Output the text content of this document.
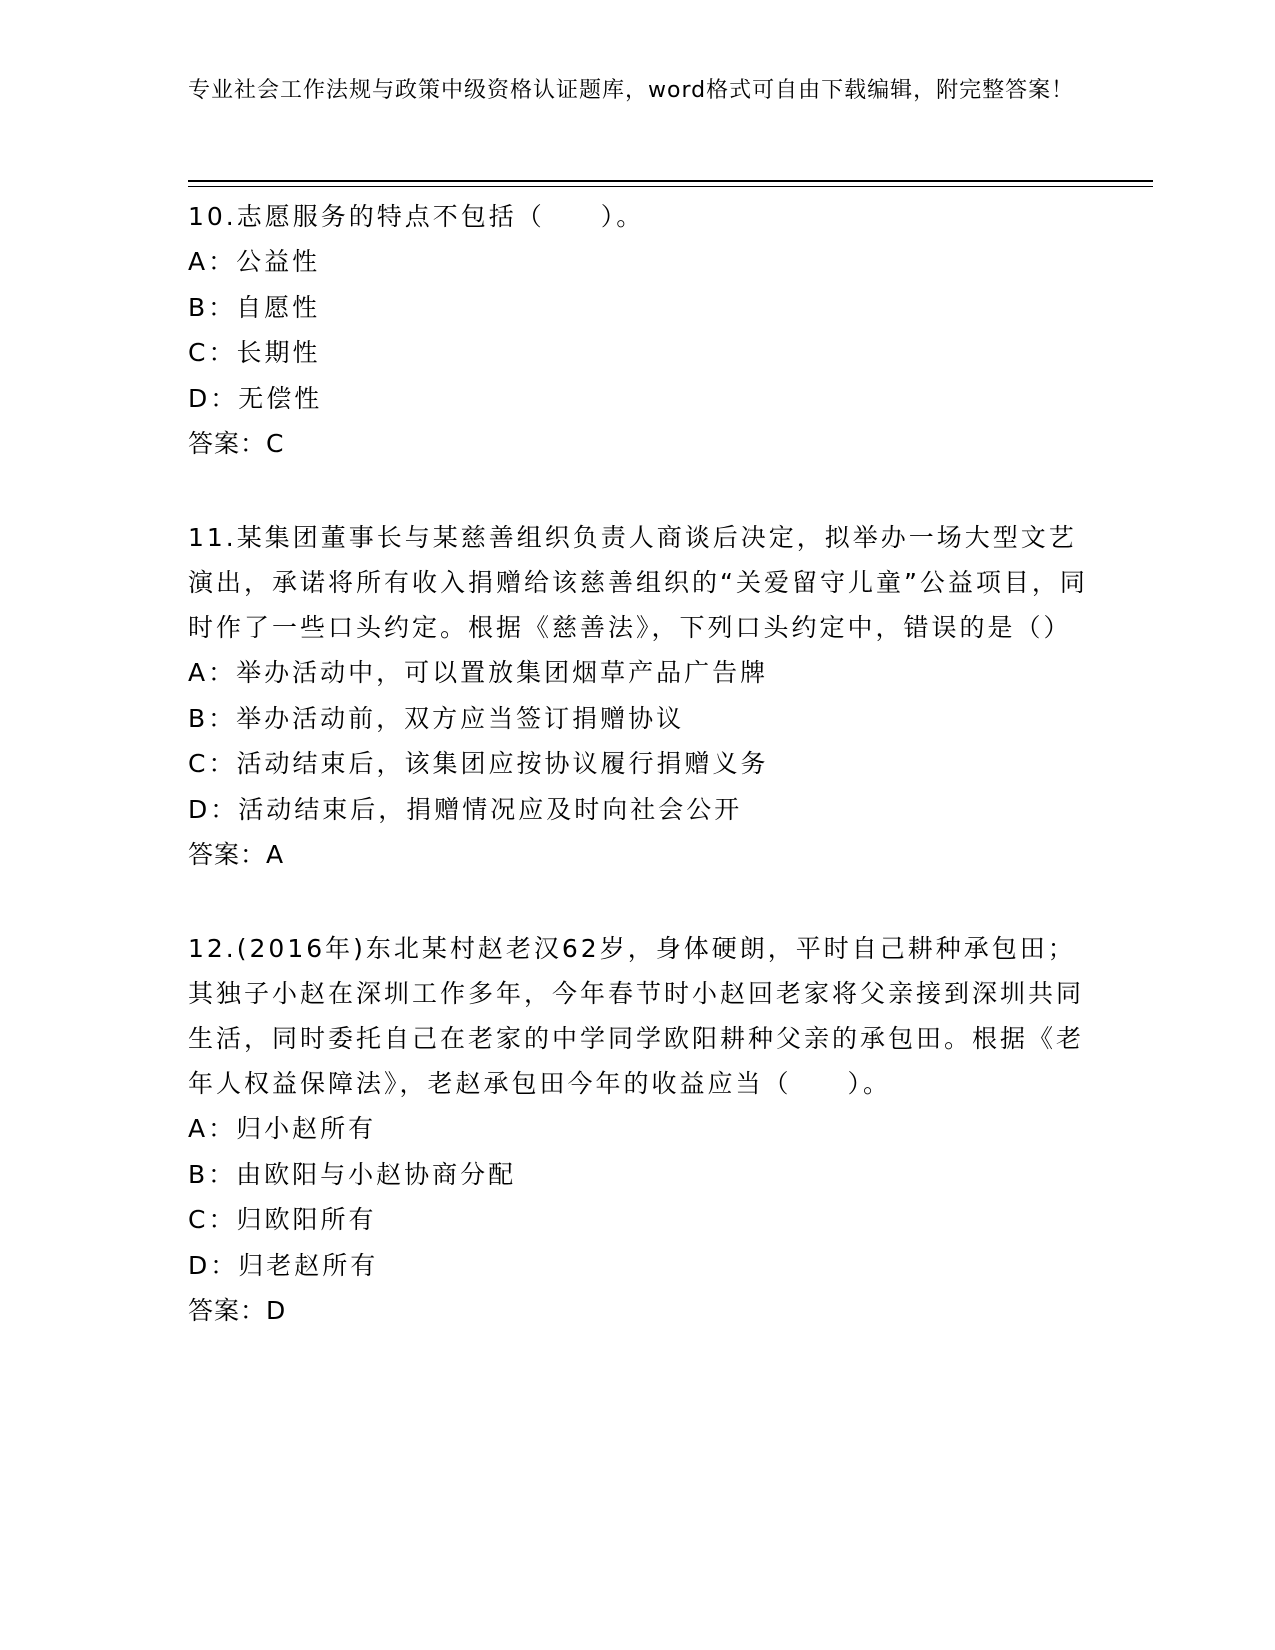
专业社会工作法规与政策中级资格认证题库，word格式可自由下载编辑，附完整答案！

10.志愿服务的特点不包括（　　）。

A：公益性

B：自愿性

C：长期性

D：无偿性

答案：C

11.某集团董事长与某慈善组织负责人商谈后决定，拟举办一场大型文艺演出，承诺将所有收入捐赠给该慈善组织的“关爱留守儿童”公益项目，同时作了一些口头约定。根据《慈善法》，下列口头约定中，错误的是（）

A：举办活动中，可以置放集团烟草产品广告牌

B：举办活动前，双方应当签订捐赠协议

C：活动结束后，该集团应按协议履行捐赠义务

D：活动结束后，捐赠情况应及时向社会公开

答案：A

12.(2016年)东北某村赵老汉62岁，身体硬朗，平时自己耕种承包田；其独子小赵在深圳工作多年，今年春节时小赵回老家将父亲接到深圳共同生活，同时委托自己在老家的中学同学欧阳耕种父亲的承包田。根据《老年人权益保障法》，老赵承包田今年的收益应当（　　）。

A：归小赵所有

B：由欧阳与小赵协商分配

C：归欧阳所有

D：归老赵所有

答案：D
